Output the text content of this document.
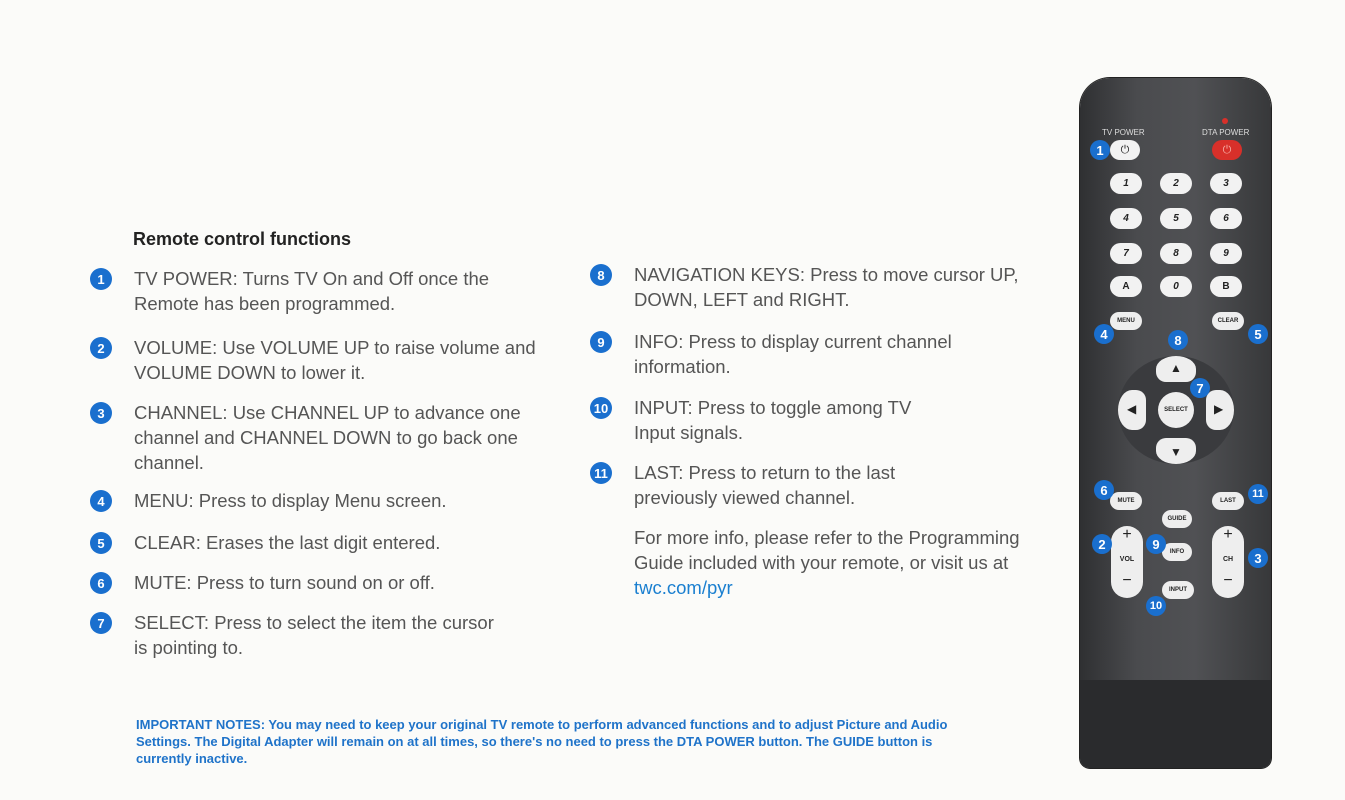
Remote control functions
1	TV POWER: Turns TV On and Off once the Remote has been programmed.
2	VOLUME: Use VOLUME UP to raise volume and VOLUME DOWN to lower it.
3	CHANNEL: Use CHANNEL UP to advance one channel and CHANNEL DOWN to go back one channel.
4	MENU: Press to display Menu screen.
5	CLEAR: Erases the last digit entered.
6	MUTE: Press to turn sound on or off.
7	SELECT: Press to select the item the cursor is pointing to.
8	NAVIGATION KEYS: Press to move cursor UP, DOWN, LEFT and RIGHT.
9	INFO: Press to display current channel information.
10 INPUT: Press to toggle among TV Input signals.
11 LAST: Press to return to the last previously viewed channel.
For more info, please refer to the Programming Guide included with your remote, or visit us at twc.com/pyr
IMPORTANT NOTES: You may need to keep your original TV remote to perform advanced functions and to adjust Picture and Audio Settings. The Digital Adapter will remain on at all times, so there's no need to press the DTA POWER button. The GUIDE button is currently inactive.
TV POWER	DTA POWER
⏻	⏻
1	2	3
4	5	6
7	8	9
A	0	B
MENU	CLEAR
▲
▼
◀	▶
SELECT
MUTE	LAST
GUIDE
INFO
INPUT
+
VOL
−
+
CH
−
1
2
3
4	5
6
7
8
9
10
11
